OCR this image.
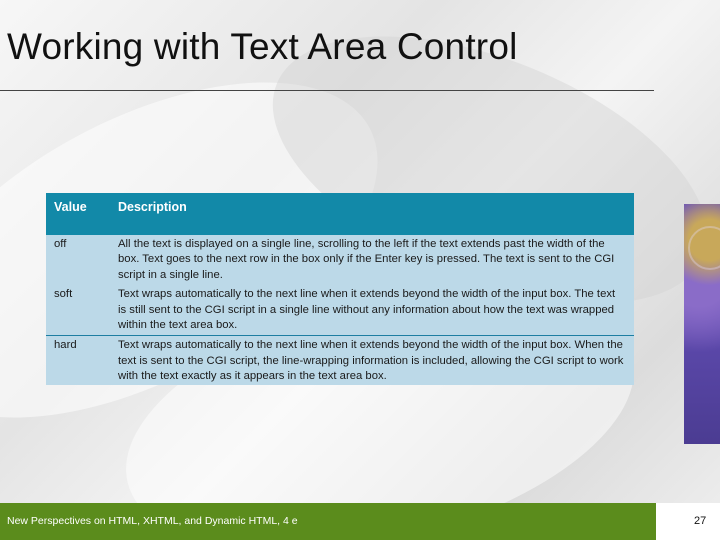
Working with Text Area Control
Value	Description
off	All the text is displayed on a single line, scrolling to the left if the text extends past the width of the box. Text goes to the next row in the box only if the Enter key is pressed. The text is sent to the CGI script in a single line.
soft	Text wraps automatically to the next line when it extends beyond the width of the input box. The text is still sent to the CGI script in a single line without any information about how the text was wrapped within the text area box.
hard	Text wraps automatically to the next line when it extends beyond the width of the input box. When the text is sent to the CGI script, the line-wrapping information is included, allowing the CGI script to work with the text exactly as it appears in the text area box.
New Perspectives on HTML, XHTML, and Dynamic HTML, 4 e	27
